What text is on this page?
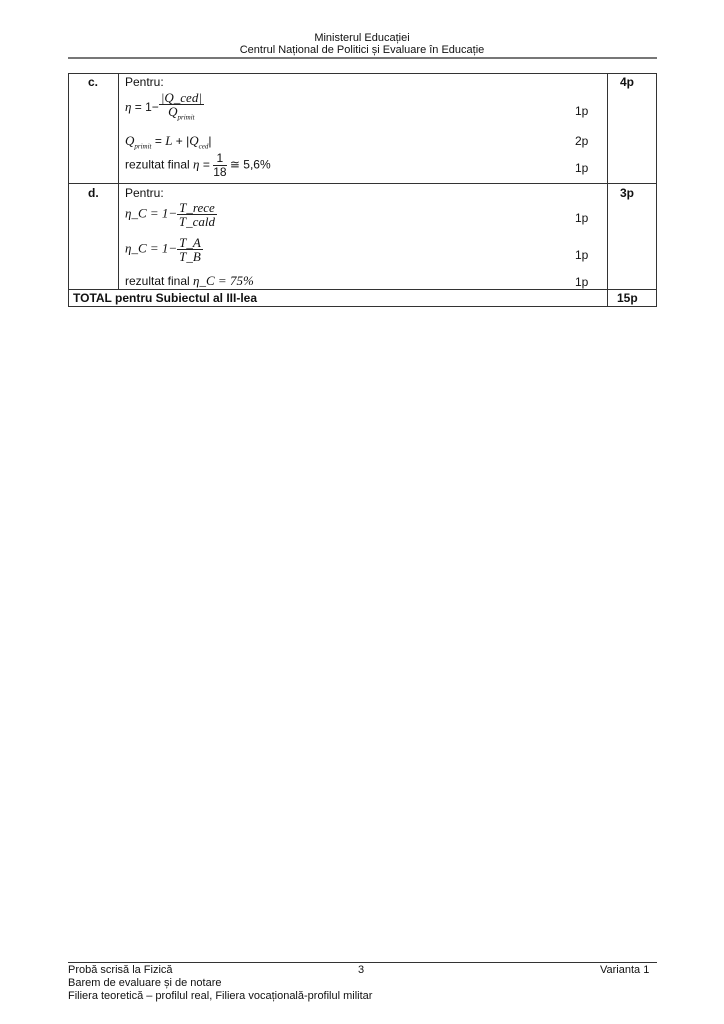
Ministerul Educației
Centrul Național de Politici și Evaluare în Educație
c.	4p
Pentru:
$\eta = 1- \frac{\text{|Q\_ced|}}{Q_{primit}}$	1p
$Q_{primit} = L + |Q_{ced}|$	2p
rezultat final $\eta = \frac{1}{18}$ ≅ 5,6%	1p
d.	3p
Pentru:
η_C = $1- \frac{\text{T\_rece}}{\text{T\_cald}}$	1p
η_C = $1- \frac{T\_A}{T\_B}$	1p
rezultat final η_C = 75%	1p
TOTAL pentru Subiectul al III-lea	15p
Probă scrisă la Fizică	3	Varianta 1
Barem de evaluare și de notare
Filiera teoretică – profilul real, Filiera vocațională-profilul militar
